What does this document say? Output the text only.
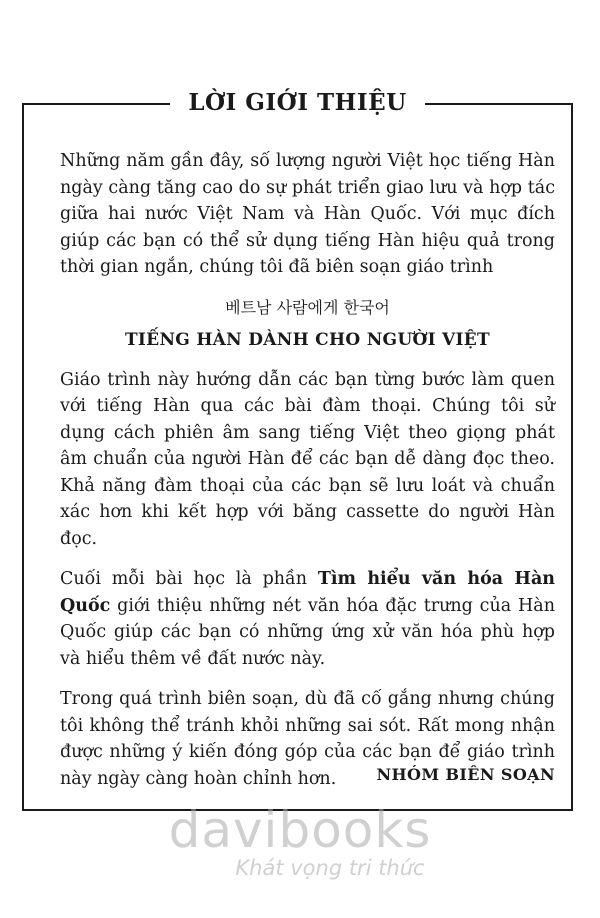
LỜI GIỚI THIỆU

Những năm gần đây, số lượng người Việt học tiếng Hàn ngày càng tăng cao do sự phát triển giao lưu và hợp tác giữa hai nước Việt Nam và Hàn Quốc. Với mục đích giúp các bạn có thể sử dụng tiếng Hàn hiệu quả trong thời gian ngắn, chúng tôi đã biên soạn giáo trình

베트남 사람에게 한국어
TIẾNG HÀN DÀNH CHO NGƯỜI VIỆT

Giáo trình này hướng dẫn các bạn từng bước làm quen với tiếng Hàn qua các bài đàm thoại. Chúng tôi sử dụng cách phiên âm sang tiếng Việt theo giọng phát âm chuẩn của người Hàn để các bạn dễ dàng đọc theo. Khả năng đàm thoại của các bạn sẽ lưu loát và chuẩn xác hơn khi kết hợp với băng cassette do người Hàn đọc.

Cuối mỗi bài học là phần Tìm hiểu văn hóa Hàn Quốc giới thiệu những nét văn hóa đặc trưng của Hàn Quốc giúp các bạn có những ứng xử văn hóa phù hợp và hiểu thêm về đất nước này.

Trong quá trình biên soạn, dù đã cố gắng nhưng chúng tôi không thể tránh khỏi những sai sót. Rất mong nhận được những ý kiến đóng góp của các bạn để giáo trình này ngày càng hoàn chỉnh hơn.	NHÓM BIÊN SOẠN
davibooks
Khát vọng tri thức
